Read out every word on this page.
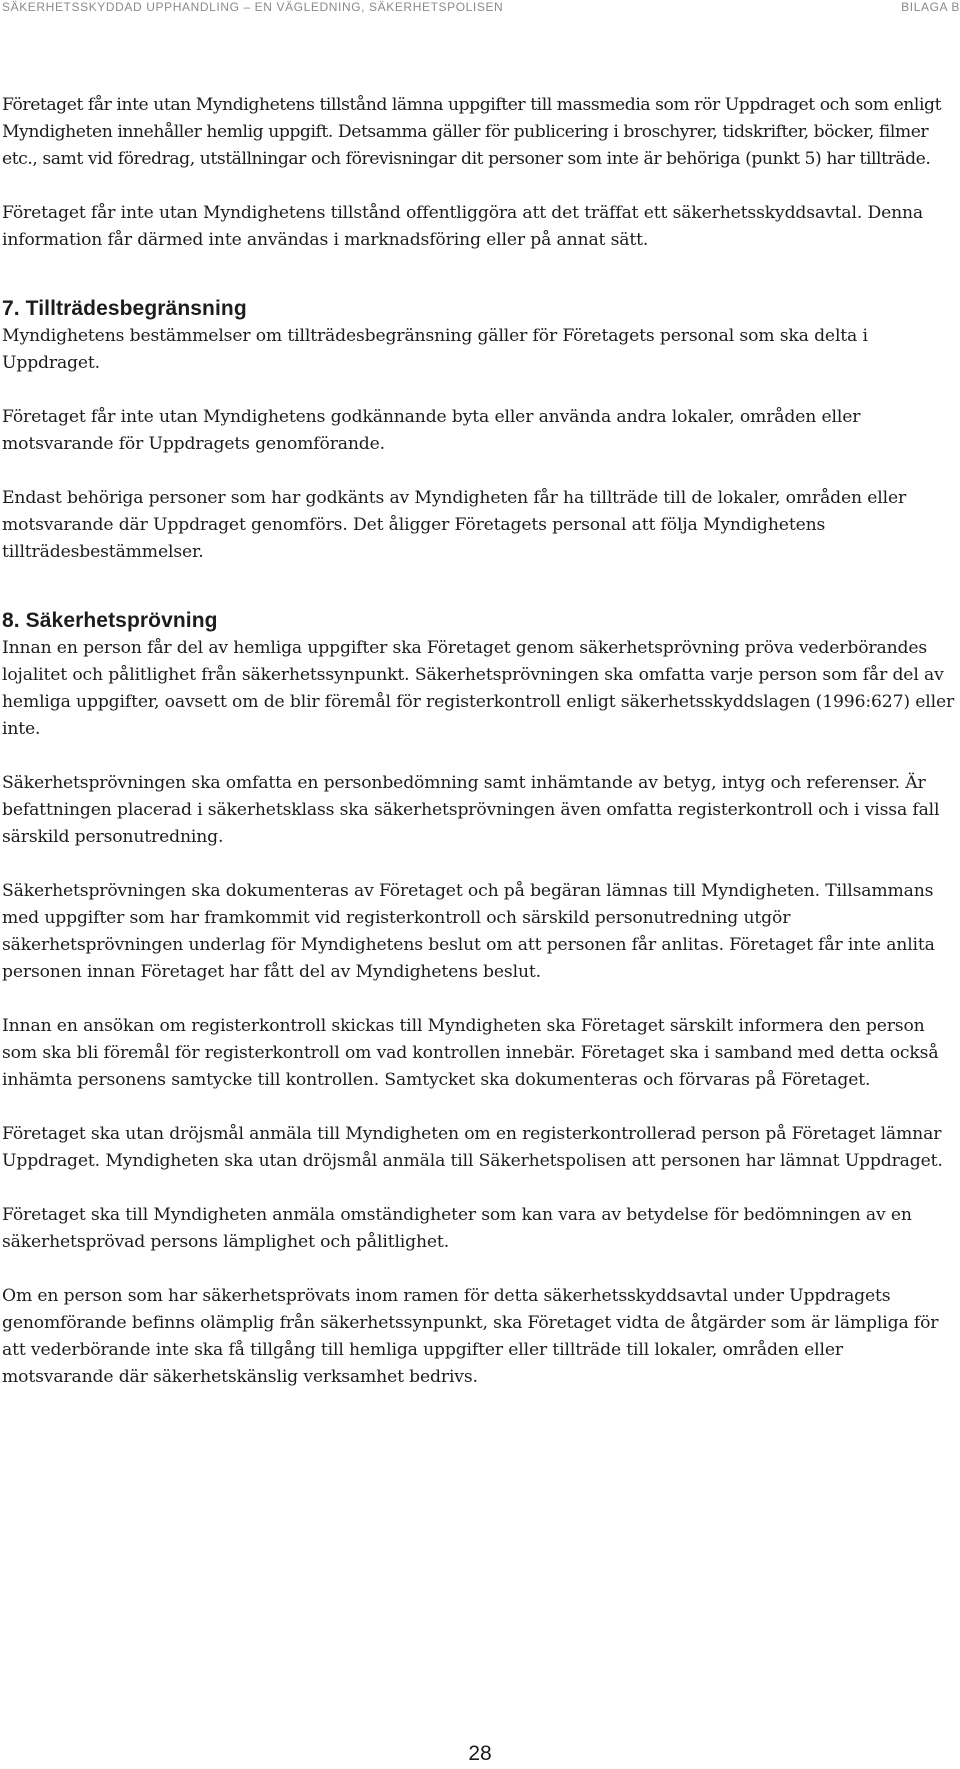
SÄKERHETSSKYDDAD UPPHANDLING – EN VÄGLEDNING, SÄKERHETSPOLISEN	BILAGA B

Företaget får inte utan Myndighetens tillstånd lämna uppgifter till massmedia som rör Uppdraget och som enligt Myndigheten innehåller hemlig uppgift. Detsamma gäller för publicering i broschyrer, tidskrifter, böcker, filmer etc., samt vid föredrag, utställningar och förevisningar dit personer som inte är behöriga (punkt 5) har tillträde.

Företaget får inte utan Myndighetens tillstånd offentliggöra att det träffat ett säkerhetsskyddsavtal. Denna information får därmed inte användas i marknadsföring eller på annat sätt.

7. Tillträdesbegränsning

Myndighetens bestämmelser om tillträdesbegränsning gäller för Företagets personal som ska delta i Uppdraget.

Företaget får inte utan Myndighetens godkännande byta eller använda andra lokaler, områden eller motsvarande för Uppdragets genomförande.

Endast behöriga personer som har godkänts av Myndigheten får ha tillträde till de lokaler, områden eller motsvarande där Uppdraget genomförs. Det åligger Företagets personal att följa Myndighetens tillträdesbestämmelser.

8. Säkerhetsprövning

Innan en person får del av hemliga uppgifter ska Företaget genom säkerhetsprövning pröva vederbörandes lojalitet och pålitlighet från säkerhetssynpunkt. Säkerhetsprövningen ska omfatta varje person som får del av hemliga uppgifter, oavsett om de blir föremål för registerkontroll enligt säkerhetsskyddslagen (1996:627) eller inte.

Säkerhetsprövningen ska omfatta en personbedömning samt inhämtande av betyg, intyg och referenser. Är befattningen placerad i säkerhetsklass ska säkerhetsprövningen även omfatta registerkontroll och i vissa fall särskild personutredning.

Säkerhetsprövningen ska dokumenteras av Företaget och på begäran lämnas till Myndigheten. Tillsammans med uppgifter som har framkommit vid registerkontroll och särskild personutredning utgör säkerhetsprövningen underlag för Myndighetens beslut om att personen får anlitas. Företaget får inte anlita personen innan Företaget har fått del av Myndighetens beslut.

Innan en ansökan om registerkontroll skickas till Myndigheten ska Företaget särskilt informera den person som ska bli föremål för registerkontroll om vad kontrollen innebär. Företaget ska i samband med detta också inhämta personens samtycke till kontrollen. Samtycket ska dokumenteras och förvaras på Företaget.

Företaget ska utan dröjsmål anmäla till Myndigheten om en registerkontrollerad person på Företaget lämnar Uppdraget. Myndigheten ska utan dröjsmål anmäla till Säkerhetspolisen att personen har lämnat Uppdraget.

Företaget ska till Myndigheten anmäla omständigheter som kan vara av betydelse för bedömningen av en säkerhetsprövad persons lämplighet och pålitlighet.

Om en person som har säkerhetsprövats inom ramen för detta säkerhetsskyddsavtal under Uppdragets genomförande befinns olämplig från säkerhetssynpunkt, ska Företaget vidta de åtgärder som är lämpliga för att vederbörande inte ska få tillgång till hemliga uppgifter eller tillträde till lokaler, områden eller motsvarande där säkerhetskänslig verksamhet bedrivs.

28
